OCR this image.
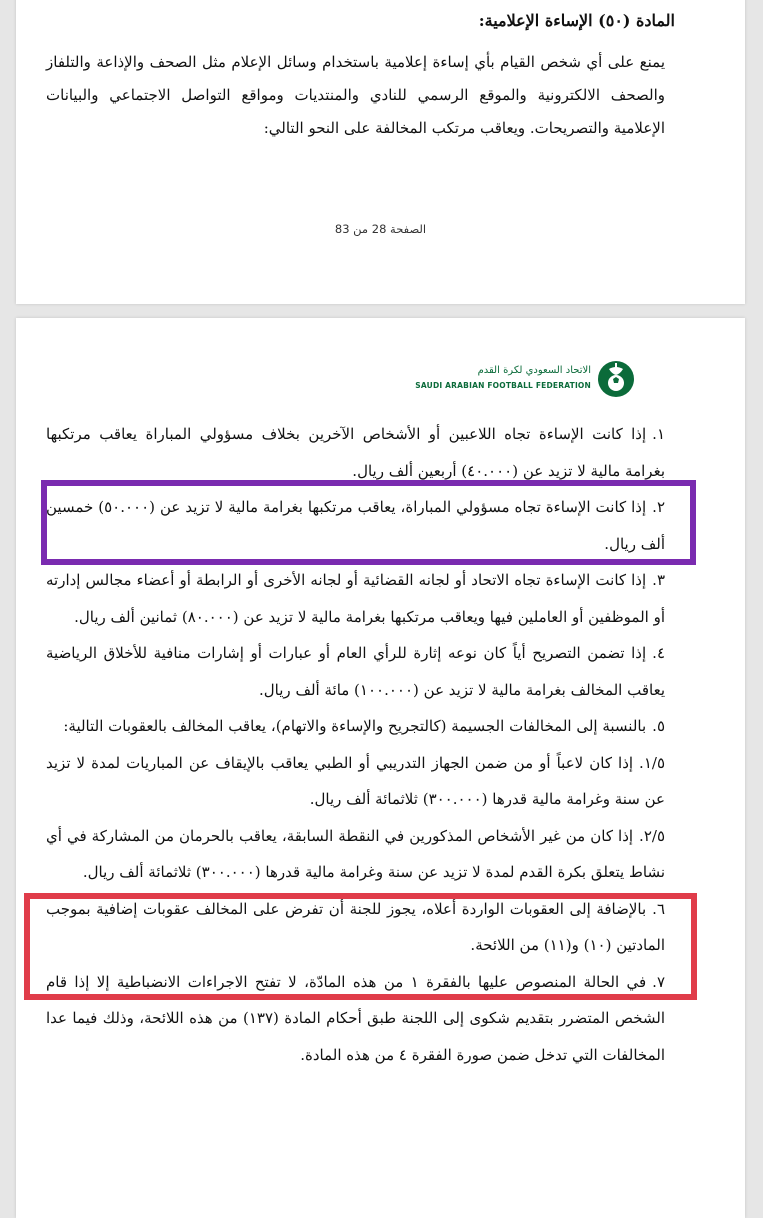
المادة (٥٠) الإساءة الإعلامية:
يمنع على أي شخص القيام بأي إساءة إعلامية باستخدام وسائل الإعلام مثل الصحف والإذاعة والتلفاز والصحف الالكترونية والموقع الرسمي للنادي والمنتديات ومواقع التواصل الاجتماعي والبيانات الإعلامية والتصريحات. ويعاقب مرتكب المخالفة على النحو التالي:
الصفحة 28 من 83
الاتحاد السعودي لكرة القدم
SAUDI ARABIAN FOOTBALL FEDERATION

١.إذا كانت الإساءة تجاه اللاعبين أو الأشخاص الآخرين بخلاف مسؤولي المباراة يعاقب مرتكبها بغرامة مالية لا تزيد عن (٤٠.٠٠٠) أربعين ألف ريال.

٢.إذا كانت الإساءة تجاه مسؤولي المباراة، يعاقب مرتكبها بغرامة مالية لا تزيد عن (٥٠.٠٠٠) خمسين ألف ريال.

٣.إذا كانت الإساءة تجاه الاتحاد أو لجانه القضائية أو لجانه الأخرى أو الرابطة أو أعضاء مجالس إدارته أو الموظفين أو العاملين فيها ويعاقب مرتكبها بغرامة مالية لا تزيد عن (٨٠.٠٠٠) ثمانين ألف ريال.

٤.إذا تضمن التصريح أياً كان نوعه إثارة للرأي العام أو عبارات أو إشارات منافية للأخلاق الرياضية يعاقب المخالف بغرامة مالية لا تزيد عن (١٠٠.٠٠٠) مائة ألف ريال.

٥.بالنسبة إلى المخالفات الجسيمة (كالتجريح والإساءة والاتهام)، يعاقب المخالف بالعقوبات التالية:

١/٥.إذا كان لاعباً أو من ضمن الجهاز التدريبي أو الطبي يعاقب بالإيقاف عن المباريات لمدة لا تزيد عن سنة وغرامة مالية قدرها (٣٠٠.٠٠٠) ثلاثمائة ألف ريال.

٢/٥.إذا كان من غير الأشخاص المذكورين في النقطة السابقة، يعاقب بالحرمان من المشاركة في أي نشاط يتعلق بكرة القدم لمدة لا تزيد عن سنة وغرامة مالية قدرها (٣٠٠.٠٠٠) ثلاثمائة ألف ريال.

٦.بالإضافة إلى العقوبات الواردة أعلاه، يجوز للجنة أن تفرض على المخالف عقوبات إضافية بموجب المادتين (١٠) و(١١) من اللائحة.

٧.في الحالة المنصوص عليها بالفقرة ١ من هذه المادّة، لا تفتح الاجراءات الانضباطية إلا إذا قام الشخص المتضرر بتقديم شكوى إلى اللجنة طبق أحكام المادة (١٣٧) من هذه اللائحة، وذلك فيما عدا المخالفات التي تدخل ضمن صورة الفقرة ٤ من هذه المادة.
